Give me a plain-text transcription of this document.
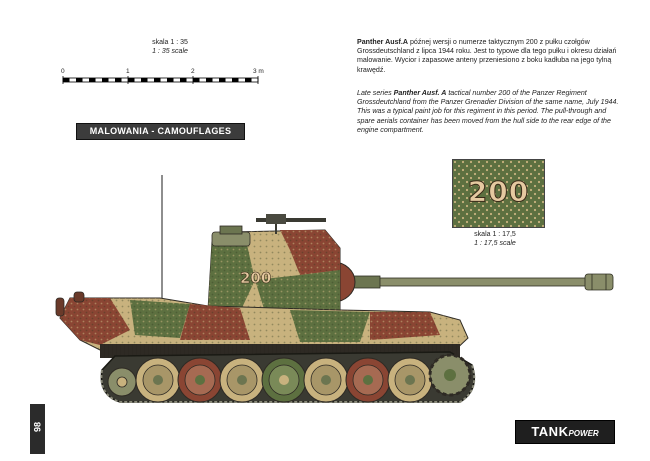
skala 1 : 35
1 : 35 scale
0	1	2	3 m
MALOWANIA - CAMOUFLAGES
Panther Ausf.A późnej wersji o numerze taktycznym 200 z pułku czołgów Grossdeutschland z lipca 1944 roku. Jest to typowe dla tego pułku i okresu działań malowanie. Wycior i zapasowe anteny przeniesiono z boku kadłuba na jego tylną krawędź.
Late series Panther Ausf. A tactical number 200 of the Panzer Regiment Grossdeutchland from the Panzer Grenadier Division of the same name, July 1944. This was a typical paint job for this regiment in this period. The pull-through and spare aerials container has been moved from the hull side to the rear edge of the engine compartment.
200
skala 1 : 17,5
1 : 17,5 scale
200
98	TANKPOWER
